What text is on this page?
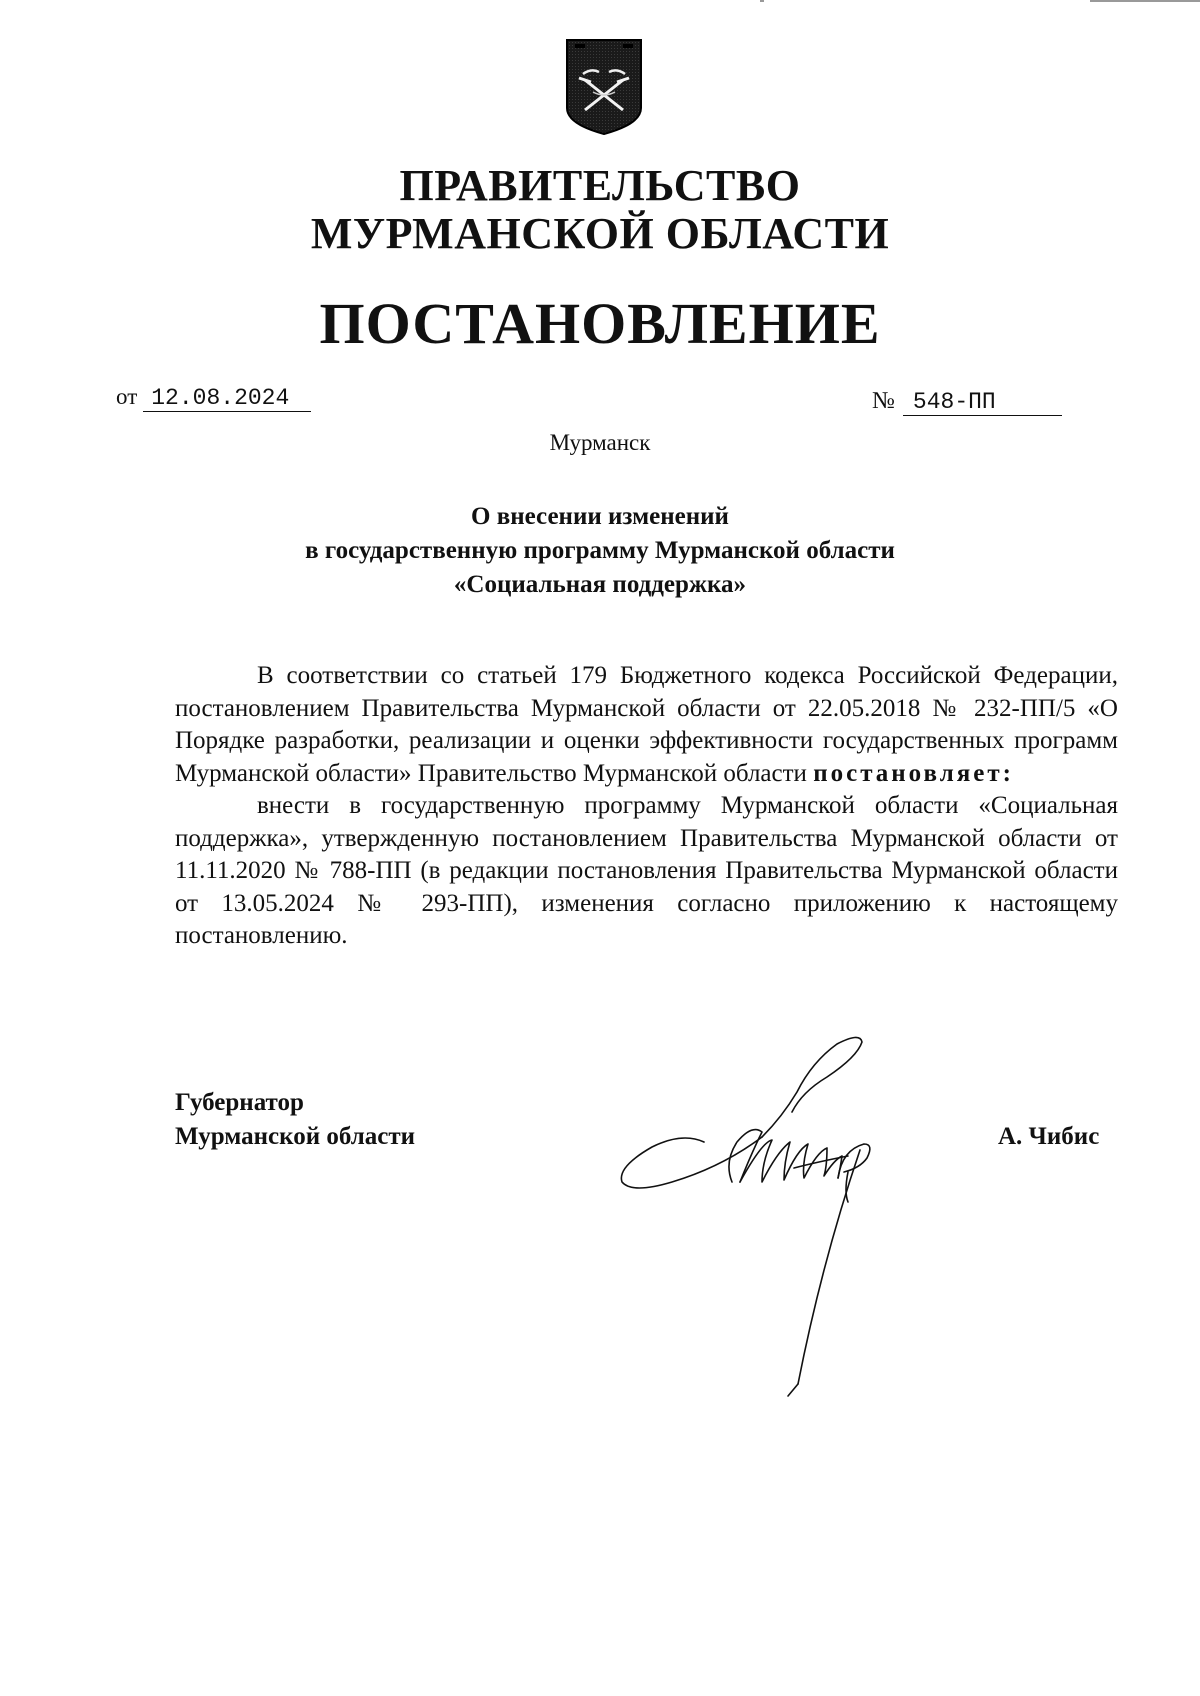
ПРАВИТЕЛЬСТВО
МУРМАНСКОЙ ОБЛАСТИ
ПОСТАНОВЛЕНИЕ
от 12.08.2024	№ 548-ПП
Мурманск
О внесении изменений
в государственную программу Мурманской области
«Социальная поддержка»

В соответствии со статьей 179 Бюджетного кодекса Российской Федерации, постановлением Правительства Мурманской области от 22.05.2018 № 232-ПП/5 «О Порядке разработки, реализации и оценки эффективности государственных программ Мурманской области» Правительство Мурманской области постановляет:

внести в государственную программу Мурманской области «Социальная поддержка», утвержденную постановлением Правительства Мурманской области от 11.11.2020 № 788-ПП (в редакции постановления Правительства Мурманской области от 13.05.2024 № 293-ПП), изменения согласно приложению к настоящему постановлению.

Губернатор
Мурманской области	А. Чибис
